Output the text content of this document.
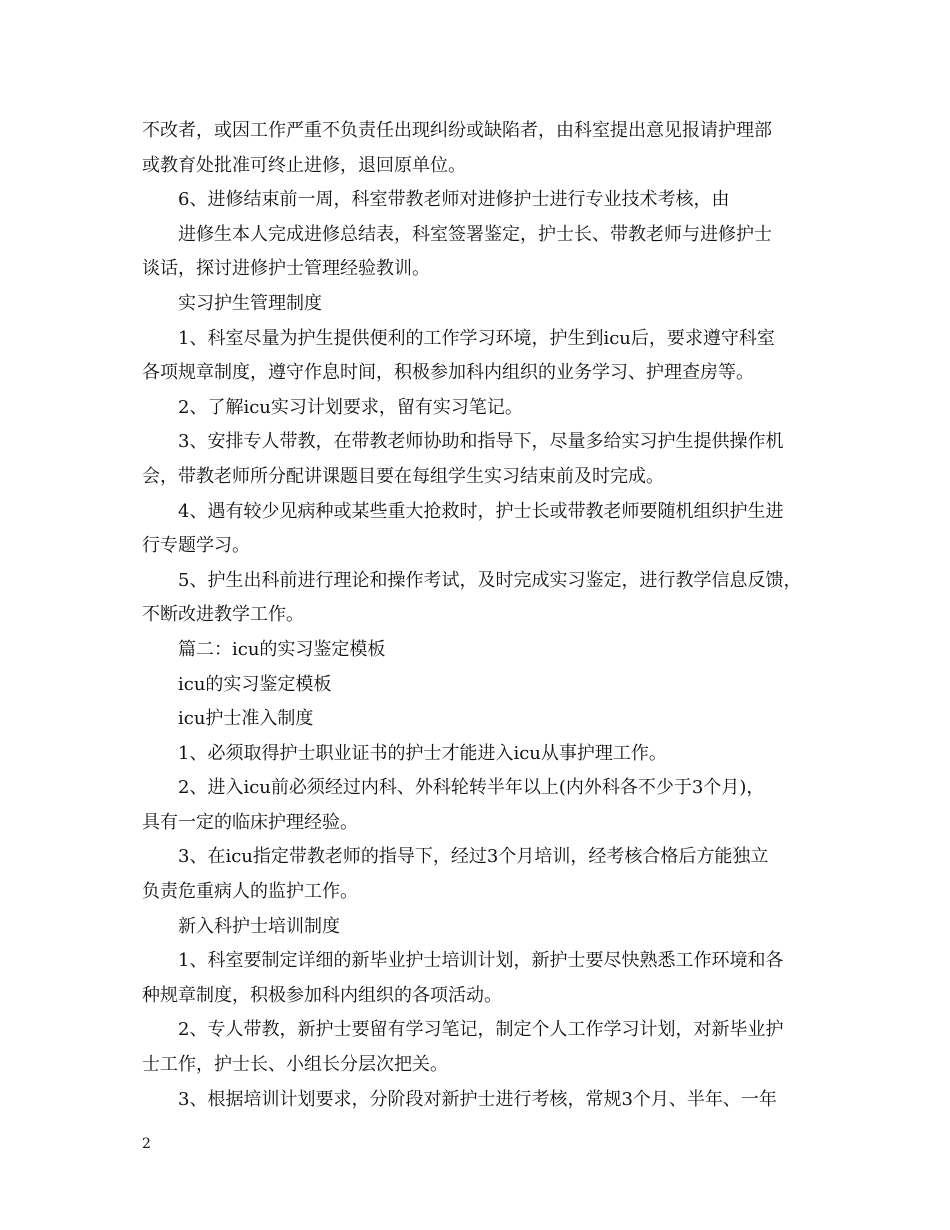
不改者，或因工作严重不负责任出现纠纷或缺陷者，由科室提出意见报请护理部
或教育处批准可终止进修，退回原单位。
6、进修结束前一周，科室带教老师对进修护士进行专业技术考核，由
进修生本人完成进修总结表，科室签署鉴定，护士长、带教老师与进修护士
谈话，探讨进修护士管理经验教训。
实习护生管理制度
1、科室尽量为护生提供便利的工作学习环境，护生到icu后，要求遵守科室
各项规章制度，遵守作息时间，积极参加科内组织的业务学习、护理查房等。
2、了解icu实习计划要求，留有实习笔记。
3、安排专人带教，在带教老师协助和指导下，尽量多给实习护生提供操作机
会，带教老师所分配讲课题目要在每组学生实习结束前及时完成。
4、遇有较少见病种或某些重大抢救时，护士长或带教老师要随机组织护生进
行专题学习。
5、护生出科前进行理论和操作考试，及时完成实习鉴定，进行教学信息反馈，
不断改进教学工作。
篇二：icu的实习鉴定模板
icu的实习鉴定模板
icu护士准入制度
1、必须取得护士职业证书的护士才能进入icu从事护理工作。
2、进入icu前必须经过内科、外科轮转半年以上(内外科各不少于3个月)，
具有一定的临床护理经验。
3、在icu指定带教老师的指导下，经过3个月培训，经考核合格后方能独立
负责危重病人的监护工作。
新入科护士培训制度
1、科室要制定详细的新毕业护士培训计划，新护士要尽快熟悉工作环境和各
种规章制度，积极参加科内组织的各项活动。
2、专人带教，新护士要留有学习笔记，制定个人工作学习计划，对新毕业护
士工作，护士长、小组长分层次把关。
3、根据培训计划要求，分阶段对新护士进行考核，常规3个月、半年、一年
2
